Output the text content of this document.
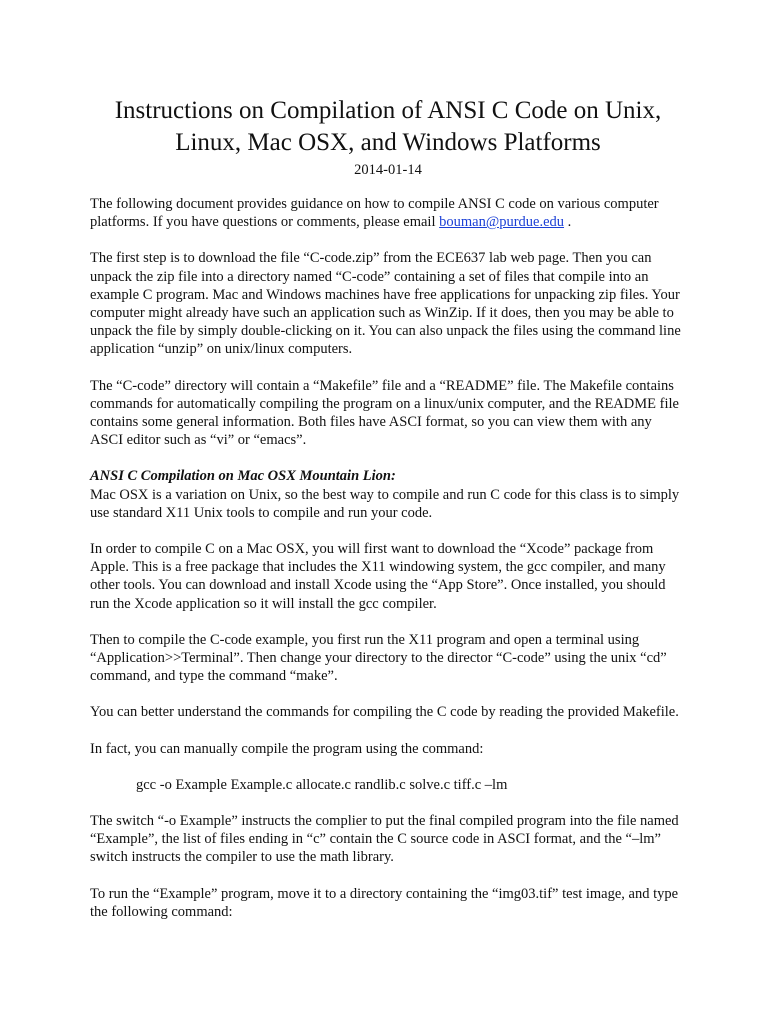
Instructions on Compilation of ANSI C Code on Unix,
Linux, Mac OSX, and Windows Platforms
2014-01-14

The following document provides guidance on how to compile ANSI C code on various computer platforms. If you have questions or comments, please email bouman@purdue.edu .

The first step is to download the file “C-code.zip” from the ECE637 lab web page. Then you can unpack the zip file into a directory named “C-code” containing a set of files that compile into an example C program. Mac and Windows machines have free applications for unpacking zip files. Your computer might already have such an application such as WinZip. If it does, then you may be able to unpack the file by simply double-clicking on it. You can also unpack the files using the command line application “unzip” on unix/linux computers.

The “C-code” directory will contain a “Makefile” file and a “README” file. The Makefile contains commands for automatically compiling the program on a linux/unix computer, and the README file contains some general information. Both files have ASCI format, so you can view them with any ASCI editor such as “vi” or “emacs”.

ANSI C Compilation on Mac OSX Mountain Lion:

Mac OSX is a variation on Unix, so the best way to compile and run C code for this class is to simply use standard X11 Unix tools to compile and run your code.

In order to compile C on a Mac OSX, you will first want to download the “Xcode” package from Apple. This is a free package that includes the X11 windowing system, the gcc compiler, and many other tools. You can download and install Xcode using the “App Store”. Once installed, you should run the Xcode application so it will install the gcc compiler.

Then to compile the C-code example, you first run the X11 program and open a terminal using “Application>>Terminal”. Then change your directory to the director “C-code” using the unix “cd” command, and type the command “make”.

You can better understand the commands for compiling the C code by reading the provided Makefile.

In fact, you can manually compile the program using the command:

gcc -o Example Example.c allocate.c randlib.c solve.c tiff.c –lm

The switch “-o Example” instructs the complier to put the final compiled program into the file named “Example”, the list of files ending in “c” contain the C source code in ASCI format, and the “–lm” switch instructs the compiler to use the math library.

To run the “Example” program, move it to a directory containing the “img03.tif” test image, and type the following command:
